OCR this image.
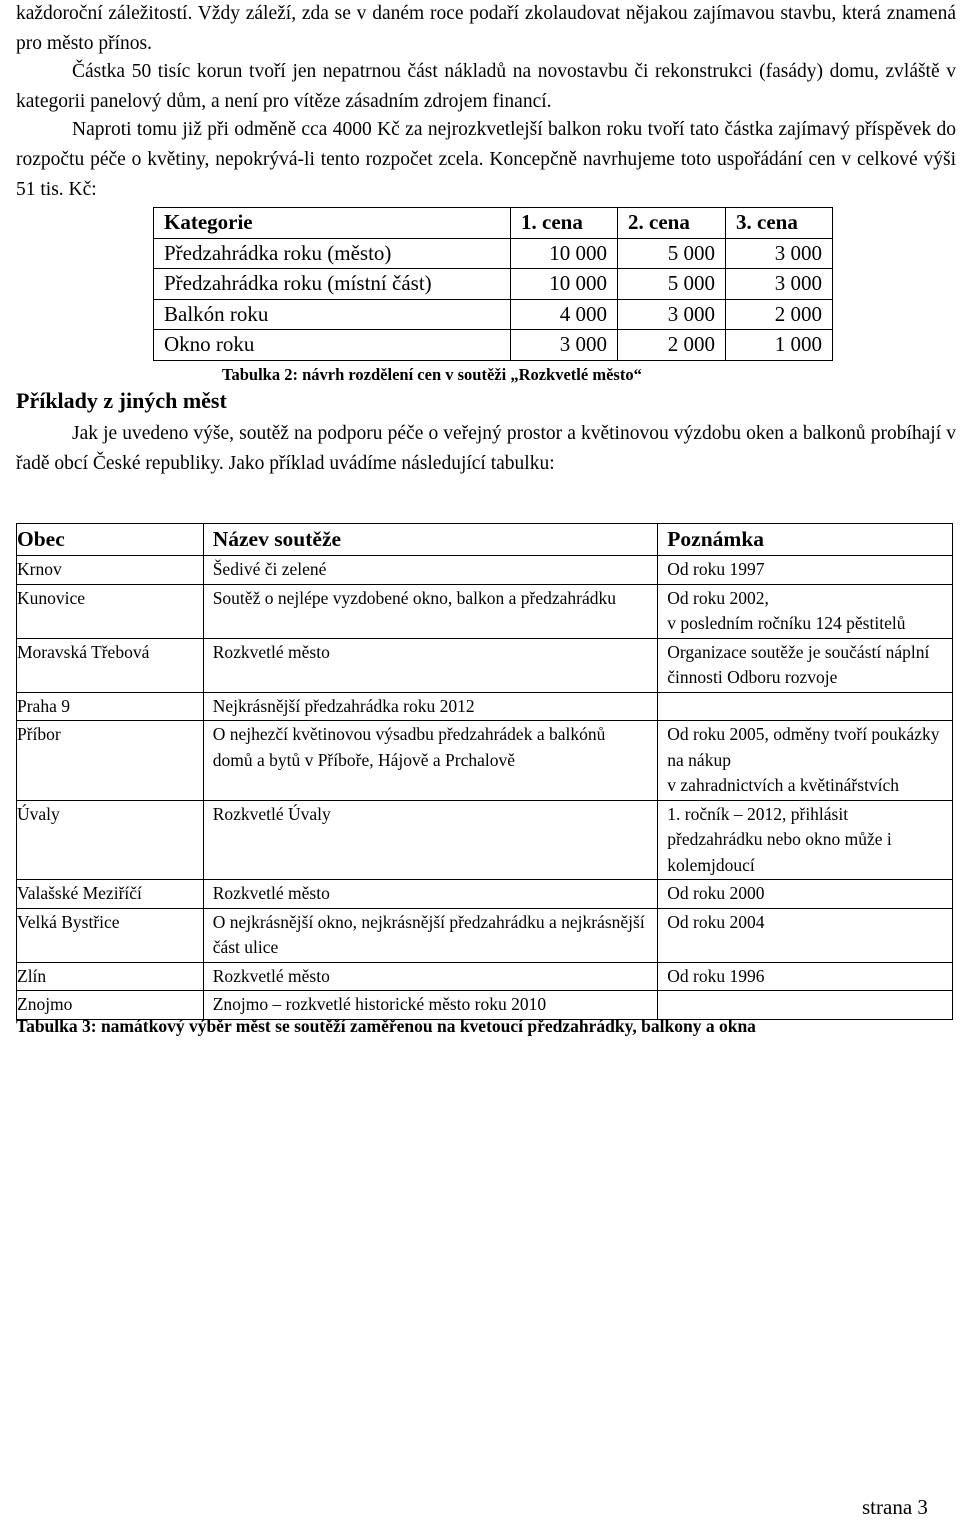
každoroční záležitostí. Vždy záleží, zda se v daném roce podaří zkolaudovat nějakou zajímavou stavbu, která znamená pro město přínos.

Částka 50 tisíc korun tvoří jen nepatrnou část nákladů na novostavbu či rekonstrukci (fasády) domu, zvláště v kategorii panelový dům, a není pro vítěze zásadním zdrojem financí.

Naproti tomu již při odměně cca 4000 Kč za nejrozkvetlejší balkon roku tvoří tato částka zajímavý příspěvek do rozpočtu péče o květiny, nepokrývá-li tento rozpočet zcela. Koncepčně navrhujeme toto uspořádání cen v celkové výši 51 tis. Kč:

Kategorie	1. cena	2. cena	3. cena
Předzahrádka roku (město)	10 000	5 000	3 000
Předzahrádka roku (místní část)	10 000	5 000	3 000
Balkón roku	4 000	3 000	2 000
Okno roku	3 000	2 000	1 000
Tabulka 2: návrh rozdělení cen v soutěži „Rozkvetlé město“
Příklady z jiných měst

Jak je uvedeno výše, soutěž na podporu péče o veřejný prostor a květinovou výzdobu oken a balkonů probíhají v řadě obcí České republiky. Jako příklad uvádíme následující tabulku:

Obec	Název soutěže	Poznámka
Krnov	Šedivé či zelené	Od roku 1997
Kunovice	Soutěž o nejlépe vyzdobené okno, balkon a předzahrádku	Od roku 2002,
v posledním ročníku 124 pěstitelů
Moravská Třebová	Rozkvetlé město	Organizace soutěže je součástí náplní činnosti Odboru rozvoje
Praha 9	Nejkrásnější předzahrádka roku 2012	
Příbor	O nejhezčí květinovou výsadbu předzahrádek a balkónů domů a bytů v Příboře, Hájově a Prchalově	Od roku 2005, odměny tvoří poukázky na nákup
v zahradnictvích a květinářstvích
Úvaly	Rozkvetlé Úvaly	1. ročník – 2012, přihlásit předzahrádku nebo okno může i kolemjdoucí
Valašské Meziříčí	Rozkvetlé město	Od roku 2000
Velká Bystřice	O nejkrásnější okno, nejkrásnější předzahrádku a nejkrásnější část ulice	Od roku 2004
Zlín	Rozkvetlé město	Od roku 1996
Znojmo	Znojmo – rozkvetlé historické město roku 2010	
Tabulka 3: namátkový výběr měst se soutěží zaměřenou na kvetoucí předzahrádky, balkony a okna
strana 3
